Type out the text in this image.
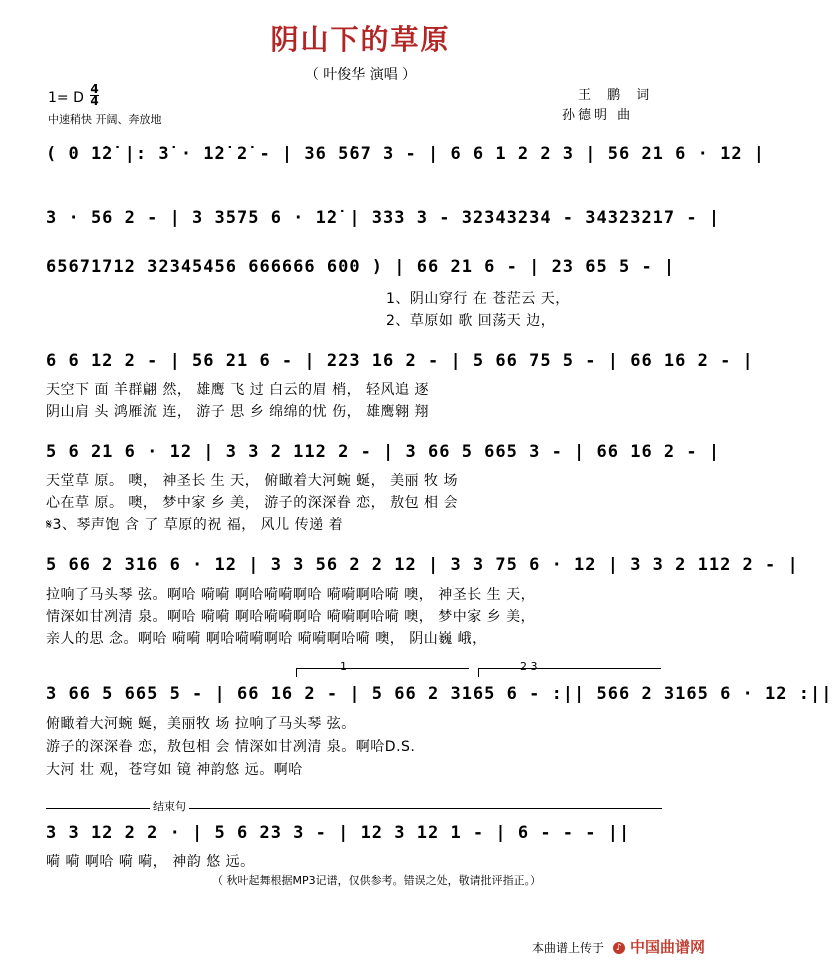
阴山下的草原
（ 叶俊华 演唱 ）
王 鹏 词
孙德明 曲
1= D
4
4
中速稍快 开阔、奔放地
( 0 1̇2̇ |: 3̇ · 1̇2̇ 2̇ - | 36 5̇67 3 - | 6 6 1 2 2 3 | 56 21 6 · 12 |
3 · 56 2 - | 3 3575 6 · 1̇2̇ | 333 3 - 32343234 - 34323217 - |
65671712 32345456 666666 600 ) | 66 21 6 - | 23 65 5 - |
1、阴山穿行 在 苍茫云 天，
2、草原如 歌 回荡天 边，
6 6 12 2 - | 56 21 6 - | 223 16 2 - | 5 66 75 5 - | 66 16 2 - |
天空下 面 羊群翩 然， 雄鹰 飞 过 白云的眉 梢， 轻风追 逐
阴山肩 头 鸿雁流 连， 游子 思 乡 绵绵的忧 伤， 雄鹰翱 翔
5 6 21 6 · 12 | 3 3 2 112 2 - | 3 66 5 665 3 - | 66 16 2 - |
天堂草 原。 噢， 神圣长 生 天， 俯瞰着大河蜿 蜒， 美丽 牧 场
心在草 原。 噢， 梦中家 乡 美， 游子的深深眷 恋， 敖包 相 会
𝄋3、琴声饱 含 了 草原的祝 福， 风儿 传递 着
5 66 2 316 6 · 12 | 3 3 56 2 2 12 | 3 3 75 6 · 12 | 3 3 2 112 2 - |
拉响了马头琴 弦。啊哈 嗬嗬 啊哈嗬嗬啊哈 嗬嗬啊哈嗬 噢， 神圣长 生 天，
情深如甘冽清 泉。啊哈 嗬嗬 啊哈嗬嗬啊哈 嗬嗬啊哈嗬 噢， 梦中家 乡 美，
亲人的思 念。啊哈 嗬嗬 啊哈嗬嗬啊哈 嗬嗬啊哈嗬 噢， 阴山巍 峨，
1	2 3
3 66 5 665 5 - | 66 16 2 - | 5 66 2 3165 6 - :|| 566 2 3165 6 · 12 :||
俯瞰着大河蜿 蜒，美丽牧 场 拉响了马头琴 弦。
游子的深深眷 恋，敖包相 会 情深如甘冽清 泉。啊哈D.S.
大河 壮 观，苍穹如 镜 神韵悠 远。啊哈
结束句
3 3 12 2 2 · | 5 6 23 3 - | 12 3 12 1 - | 6 - - - ||
嗬 嗬 啊哈 嗬 嗬， 神韵 悠 远。
（ 秋叶起舞根据MP3记谱，仅供参考。错误之处，敬请批评指正。）
本曲谱上传于	♪ 中国曲谱网
